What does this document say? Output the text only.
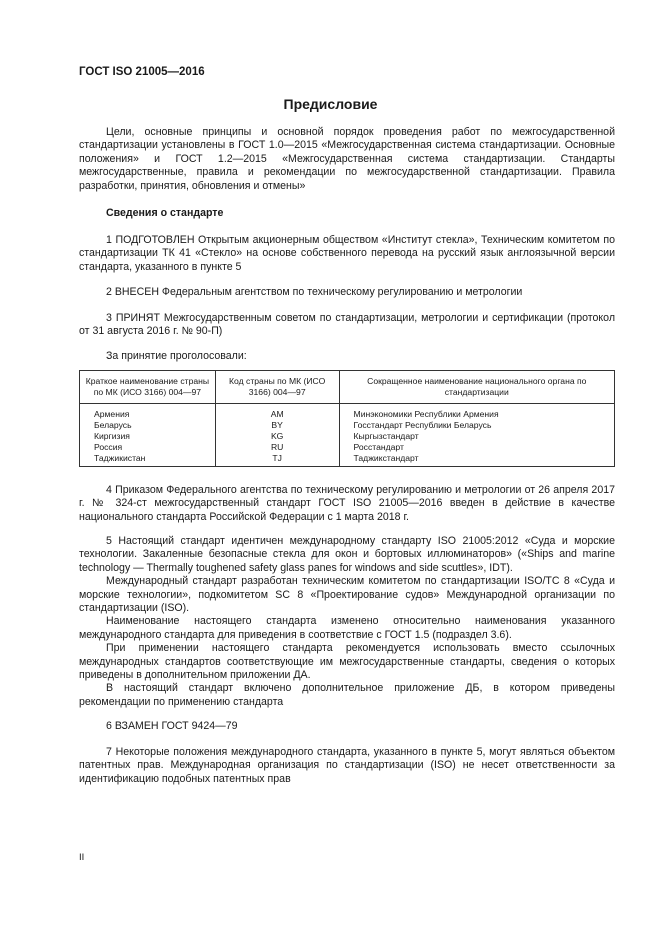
ГОСТ ISO 21005—2016
Предисловие

Цели, основные принципы и основной порядок проведения работ по межгосударственной стандартизации установлены в ГОСТ 1.0—2015 «Межгосударственная система стандартизации. Основные положения» и ГОСТ 1.2—2015 «Межгосударственная система стандартизации. Стандарты межгосударственные, правила и рекомендации по межгосударственной стандартизации. Правила разработки, принятия, обновления и отмены»

Сведения о стандарте

1 ПОДГОТОВЛЕН Открытым акционерным обществом «Институт стекла», Техническим комитетом по стандартизации ТК 41 «Стекло» на основе собственного перевода на русский язык англоязычной версии стандарта, указанного в пункте 5

2 ВНЕСЕН Федеральным агентством по техническому регулированию и метрологии

3 ПРИНЯТ Межгосударственным советом по стандартизации, метрологии и сертификации (протокол от 31 августа 2016 г. № 90-П)

За принятие проголосовали:
Краткое наименование страны по МК (ИСО 3166) 004—97	Код страны по МК (ИСО 3166) 004—97	Сокращенное наименование национального органа по стандартизации
Армения	AM	Минэкономики Республики Армения
Беларусь	BY	Госстандарт Республики Беларусь
Киргизия	KG	Кыргызстандарт
Россия	RU	Росстандарт
Таджикистан	TJ	Таджикстандарт

4 Приказом Федерального агентства по техническому регулированию и метрологии от 26 апреля 2017 г. № 324-ст межгосударственный стандарт ГОСТ ISO 21005—2016 введен в действие в качестве национального стандарта Российской Федерации с 1 марта 2018 г.

5 Настоящий стандарт идентичен международному стандарту ISO 21005:2012 «Суда и морские технологии. Закаленные безопасные стекла для окон и бортовых иллюминаторов» («Ships and marine technology — Thermally toughened safety glass panes for windows and side scuttles», IDT).

Международный стандарт разработан техническим комитетом по стандартизации ISO/TC 8 «Суда и морские технологии», подкомитетом SC 8 «Проектирование судов» Международной организации по стандартизации (ISO).

Наименование настоящего стандарта изменено относительно наименования указанного международного стандарта для приведения в соответствие с ГОСТ 1.5 (подраздел 3.6).

При применении настоящего стандарта рекомендуется использовать вместо ссылочных международных стандартов соответствующие им межгосударственные стандарты, сведения о которых приведены в дополнительном приложении ДА.

В настоящий стандарт включено дополнительное приложение ДБ, в котором приведены рекомендации по применению стандарта

6 ВЗАМЕН ГОСТ 9424—79

7 Некоторые положения международного стандарта, указанного в пункте 5, могут являться объектом патентных прав. Международная организация по стандартизации (ISO) не несет ответственности за идентификацию подобных патентных прав

II
